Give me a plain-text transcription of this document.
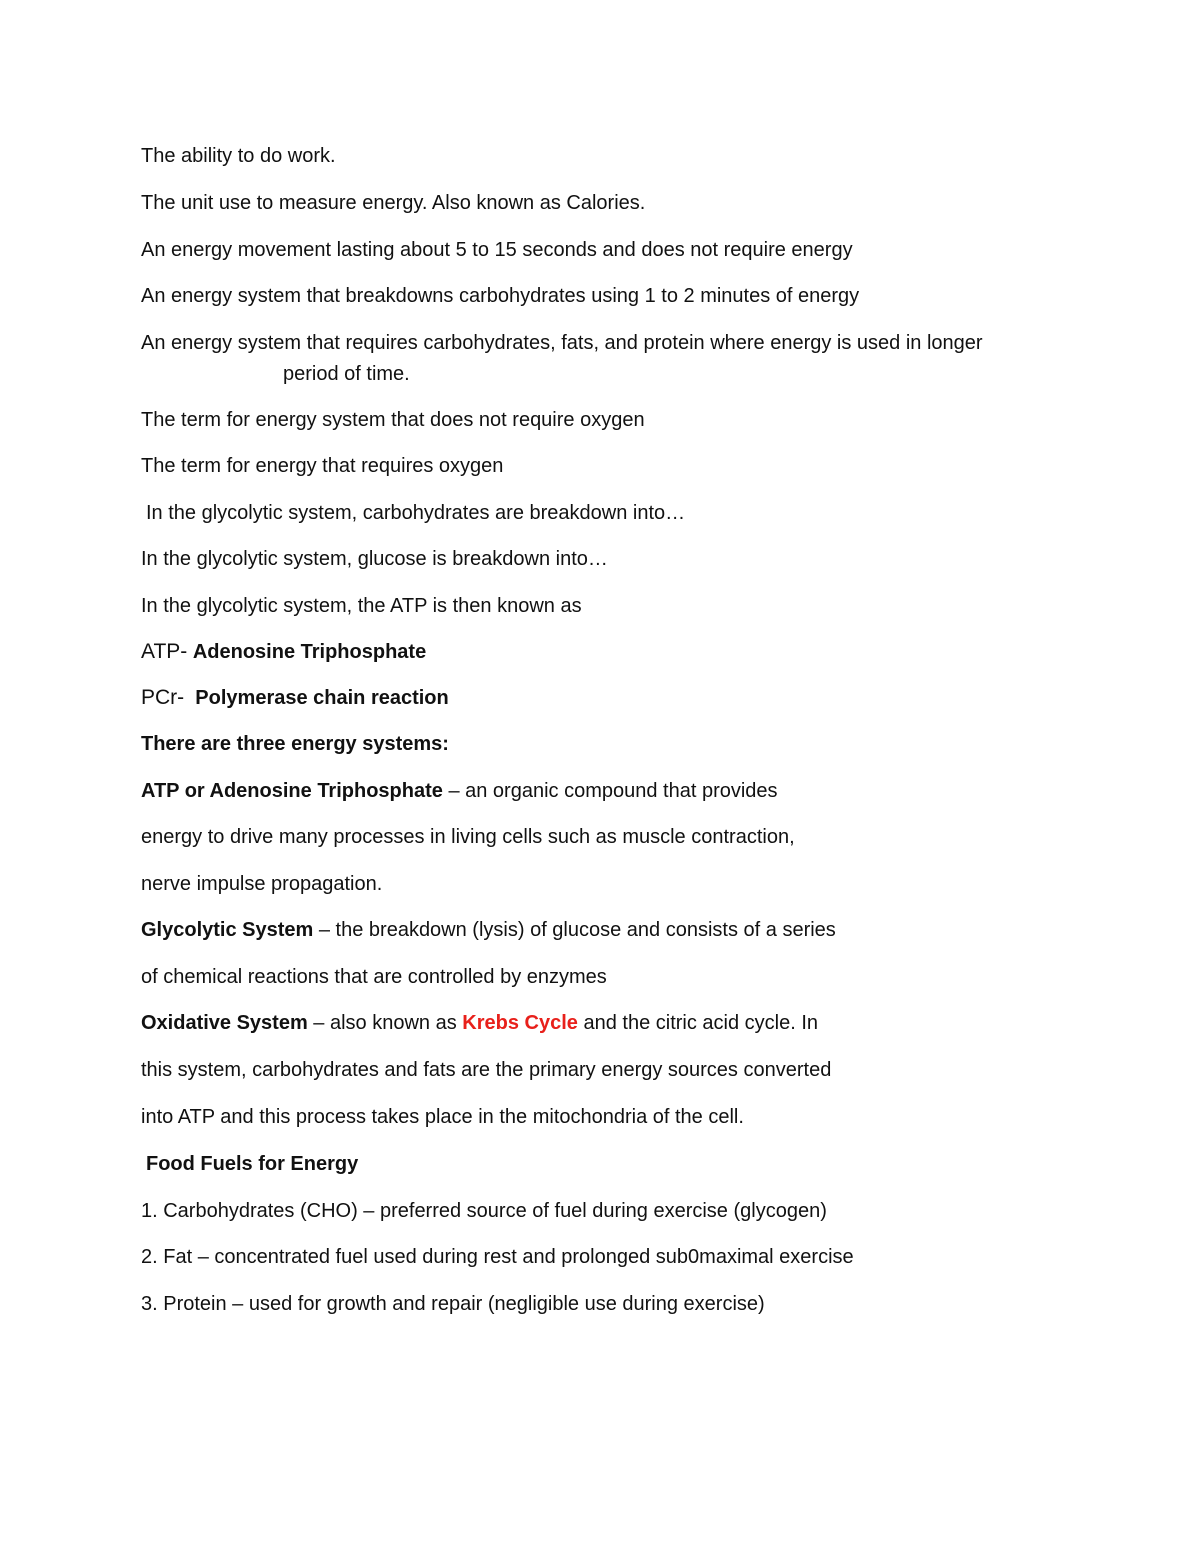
The ability to do work.

The unit use to measure energy. Also known as Calories.

An energy movement lasting about 5 to 15 seconds and does not require energy

An energy system that breakdowns carbohydrates using 1 to 2 minutes of energy

An energy system that requires carbohydrates, fats, and protein where energy is used in longer

period of time.

The term for energy system that does not require oxygen

The term for energy that requires oxygen

In the glycolytic system, carbohydrates are breakdown into…

In the glycolytic system, glucose is breakdown into…

In the glycolytic system, the ATP is then known as

ATP- Adenosine Triphosphate

PCr- Polymerase chain reaction

There are three energy systems:

ATP or Adenosine Triphosphate – an organic compound that provides

energy to drive many processes in living cells such as muscle contraction,

nerve impulse propagation.

Glycolytic System – the breakdown (lysis) of glucose and consists of a series

of chemical reactions that are controlled by enzymes

Oxidative System – also known as Krebs Cycle and the citric acid cycle. In

this system, carbohydrates and fats are the primary energy sources converted

into ATP and this process takes place in the mitochondria of the cell.

Food Fuels for Energy

1. Carbohydrates (CHO) – preferred source of fuel during exercise (glycogen)

2. Fat – concentrated fuel used during rest and prolonged sub0maximal exercise

3. Protein – used for growth and repair (negligible use during exercise)
